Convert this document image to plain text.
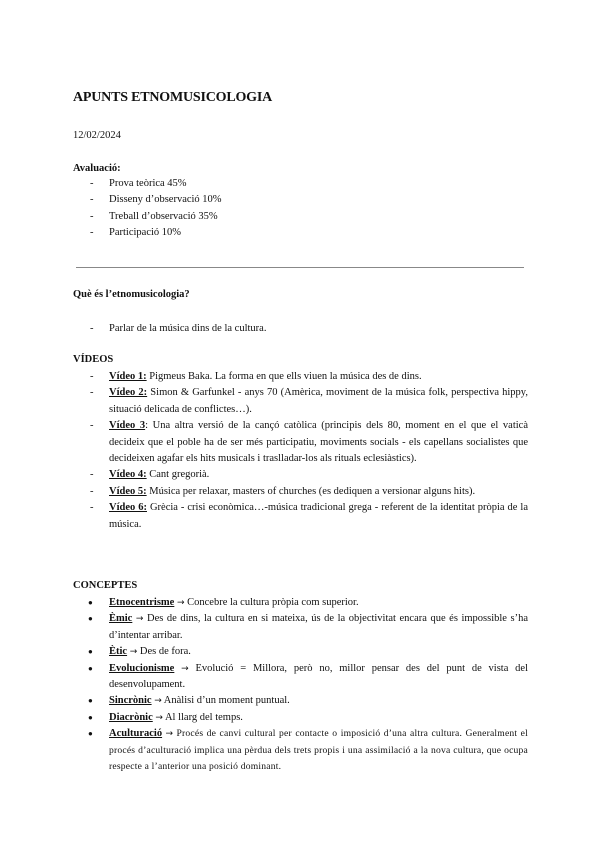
APUNTS ETNOMUSICOLOGIA
12/02/2024
Avaluació:
- Prova teòrica 45%
- Disseny d’observació 10%
- Treball d’observació 35%
- Participació 10%
Què és l’etnomusicologia?
- Parlar de la música dins de la cultura.
VÍDEOS
- Vídeo 1: Pigmeus Baka. La forma en que ells viuen la música des de dins.
- Vídeo 2: Simon & Garfunkel - anys 70 (Amèrica, moviment de la música folk, perspectiva hippy, situació delicada de conflictes…).
- Vídeo 3: Una altra versió de la cançó catòlica (principis dels 80, moment en el que el vaticà decideix que el poble ha de ser més participatiu, moviments socials - els capellans socialistes que decideixen agafar els hits musicals i traslladar-los als rituals eclesiàstics).
- Vídeo 4: Cant gregorià.
- Vídeo 5: Música per relaxar, masters of churches (es dediquen a versionar alguns hits).
- Vídeo 6: Grècia - crisi econòmica…-música tradicional grega - referent de la identitat pròpia de la música.
CONCEPTES
● Etnocentrisme → Concebre la cultura pròpia com superior.
● Èmic → Des de dins, la cultura en si mateixa, ús de la objectivitat encara que és impossible s’ha d’intentar arribar.
● Ètic → Des de fora.
● Evolucionisme → Evolució = Millora, però no, millor pensar des del punt de vista del desenvolupament.
● Sincrònic → Anàlisi d’un moment puntual.
● Diacrònic → Al llarg del temps.
● Aculturació → Procés de canvi cultural per contacte o imposició d’una altra cultura. Generalment el procés d’aculturació implica una pèrdua dels trets propis i una assimilació a la nova cultura, que ocupa respecte a l’anterior una posició dominant.
